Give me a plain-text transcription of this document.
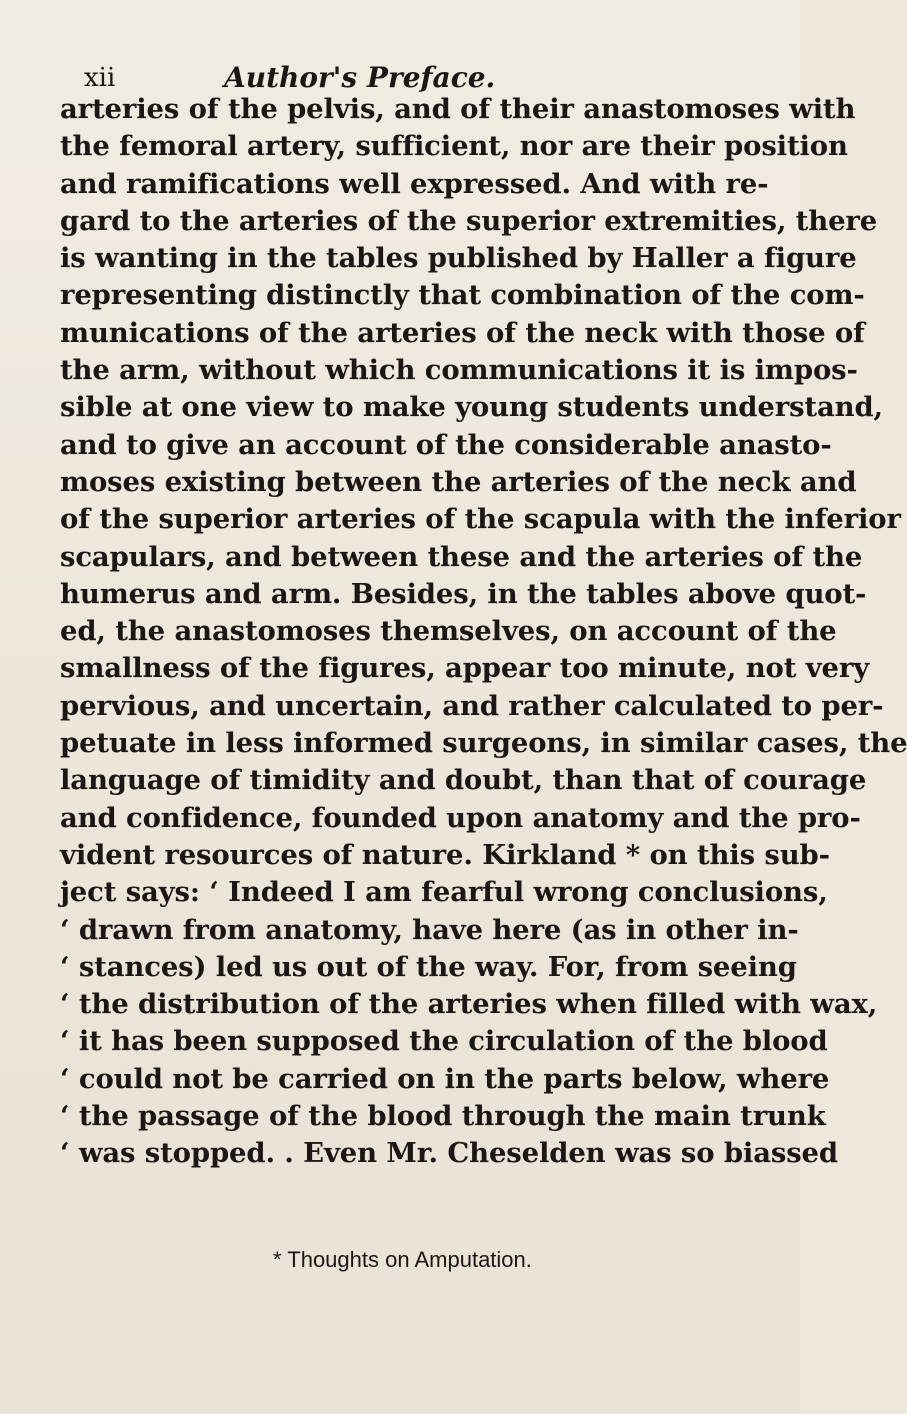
xii	Author's Preface.
arteries of the pelvis, and of their anastomoses with
the femoral artery, sufficient, nor are their position
and ramifications well expressed. And with re-
gard to the arteries of the superior extremities, there
is wanting in the tables published by Haller a figure
representing distinctly that combination of the com-
munications of the arteries of the neck with those of
the arm, without which communications it is impos-
sible at one view to make young students understand,
and to give an account of the considerable anasto-
moses existing between the arteries of the neck and
of the superior arteries of the scapula with the inferior
scapulars, and between these and the arteries of the
humerus and arm. Besides, in the tables above quot-
ed, the anastomoses themselves, on account of the
smallness of the figures, appear too minute, not very
pervious, and uncertain, and rather calculated to per-
petuate in less informed surgeons, in similar cases, the
language of timidity and doubt, than that of courage
and confidence, founded upon anatomy and the pro-
vident resources of nature. Kirkland * on this sub-
ject says: ‘ Indeed I am fearful wrong conclusions,
‘ drawn from anatomy, have here (as in other in-
‘ stances) led us out of the way. For, from seeing
‘ the distribution of the arteries when filled with wax,
‘ it has been supposed the circulation of the blood
‘ could not be carried on in the parts below, where
‘ the passage of the blood through the main trunk
‘ was stopped. . Even Mr. Cheselden was so biassed
* Thoughts on Amputation.
